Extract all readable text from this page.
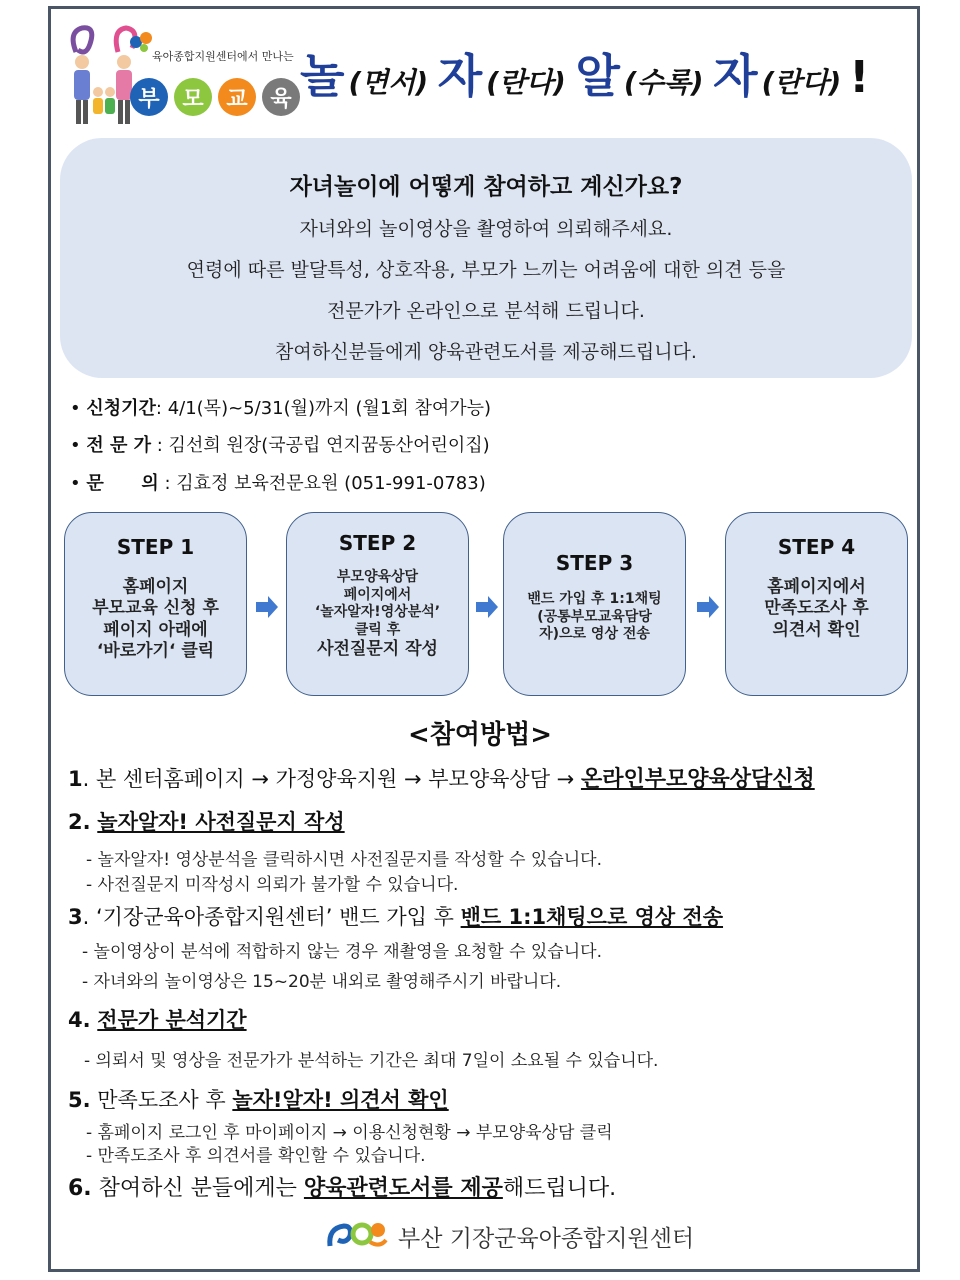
육아종합지원센터에서 만나는
부	모	교	육 놀 (면서) 자 (란다) 알 (수록) 자 (란다) !
자녀놀이에 어떻게 참여하고 계신가요?

자녀와의 놀이영상을 촬영하여 의뢰해주세요.

연령에 따른 발달특성, 상호작용, 부모가 느끼는 어려움에 대한 의견 등을

전문가가 온라인으로 분석해 드립니다.

참여하신분들에게 양육관련도서를 제공해드립니다.

• 신청기간: 4/1(목)~5/31(월)까지 (월1회 참여가능)
• 전 문 가 : 김선희 원장(국공립 연지꿈동산어린이집)
• 문      의 : 김효정 보육전문요원 (051-991-0783)
STEP 1
홈페이지
부모교육 신청 후
페이지 아래에
‘바로가기‘ 클릭
STEP 2
부모양육상담
페이지에서
‘놀자알자!영상분석’
클릭 후
사전질문지 작성
STEP 3
밴드 가입 후 1:1채팅
(공통부모교육담당
자)으로 영상 전송
STEP 4
홈페이지에서
만족도조사 후
의견서 확인
<참여방법>
1. 본 센터홈페이지 → 가정양육지원 → 부모양육상담 → 온라인부모양육상담신청
2. 놀자알자! 사전질문지 작성
- 놀자알자! 영상분석을 클릭하시면 사전질문지를 작성할 수 있습니다.
- 사전질문지 미작성시 의뢰가 불가할 수 있습니다.
3. ‘기장군육아종합지원센터’ 밴드 가입 후 밴드 1:1채팅으로 영상 전송
- 놀이영상이 분석에 적합하지 않는 경우 재촬영을 요청할 수 있습니다.
- 자녀와의 놀이영상은 15~20분 내외로 촬영해주시기 바랍니다.
4. 전문가 분석기간
- 의뢰서 및 영상을 전문가가 분석하는 기간은 최대 7일이 소요될 수 있습니다.
5. 만족도조사 후 놀자!알자! 의견서 확인
- 홈페이지 로그인 후 마이페이지 → 이용신청현황 → 부모양육상담 클릭
- 만족도조사 후 의견서를 확인할 수 있습니다.
6. 참여하신 분들에게는 양육관련도서를 제공해드립니다.
부산 기장군육아종합지원센터
